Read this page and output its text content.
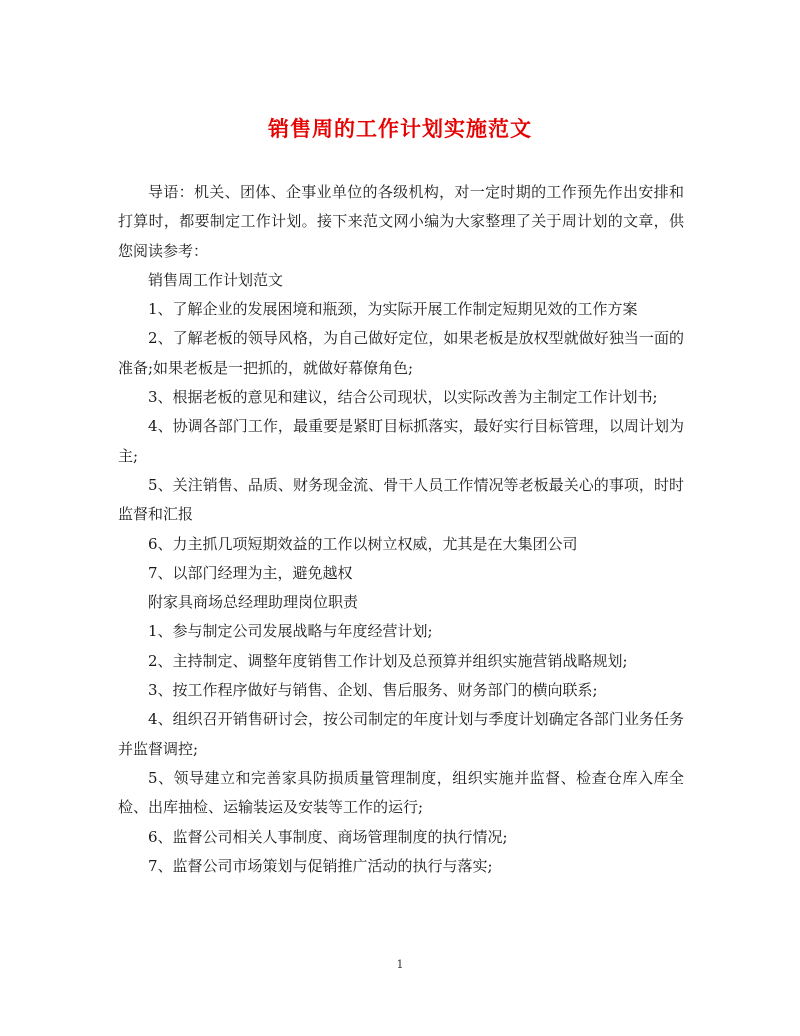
销售周的工作计划实施范文

导语：机关、团体、企事业单位的各级机构，对一定时期的工作预先作出安排和打算时，都要制定工作计划。接下来范文网小编为大家整理了关于周计划的文章，供您阅读参考：

销售周工作计划范文

1、了解企业的发展困境和瓶颈，为实际开展工作制定短期见效的工作方案

2、了解老板的领导风格，为自己做好定位，如果老板是放权型就做好独当一面的准备;如果老板是一把抓的，就做好幕僚角色;

3、根据老板的意见和建议，结合公司现状，以实际改善为主制定工作计划书;

4、协调各部门工作，最重要是紧盯目标抓落实，最好实行目标管理，以周计划为主;

5、关注销售、品质、财务现金流、骨干人员工作情况等老板最关心的事项，时时监督和汇报

6、力主抓几项短期效益的工作以树立权威，尤其是在大集团公司

7、以部门经理为主，避免越权

附家具商场总经理助理岗位职责

1、参与制定公司发展战略与年度经营计划;

2、主持制定、调整年度销售工作计划及总预算并组织实施营销战略规划;

3、按工作程序做好与销售、企划、售后服务、财务部门的横向联系;

4、组织召开销售研讨会，按公司制定的年度计划与季度计划确定各部门业务任务并监督调控;

5、领导建立和完善家具防损质量管理制度，组织实施并监督、检查仓库入库全检、出库抽检、运输装运及安装等工作的运行;

6、监督公司相关人事制度、商场管理制度的执行情况;

7、监督公司市场策划与促销推广活动的执行与落实;

1
